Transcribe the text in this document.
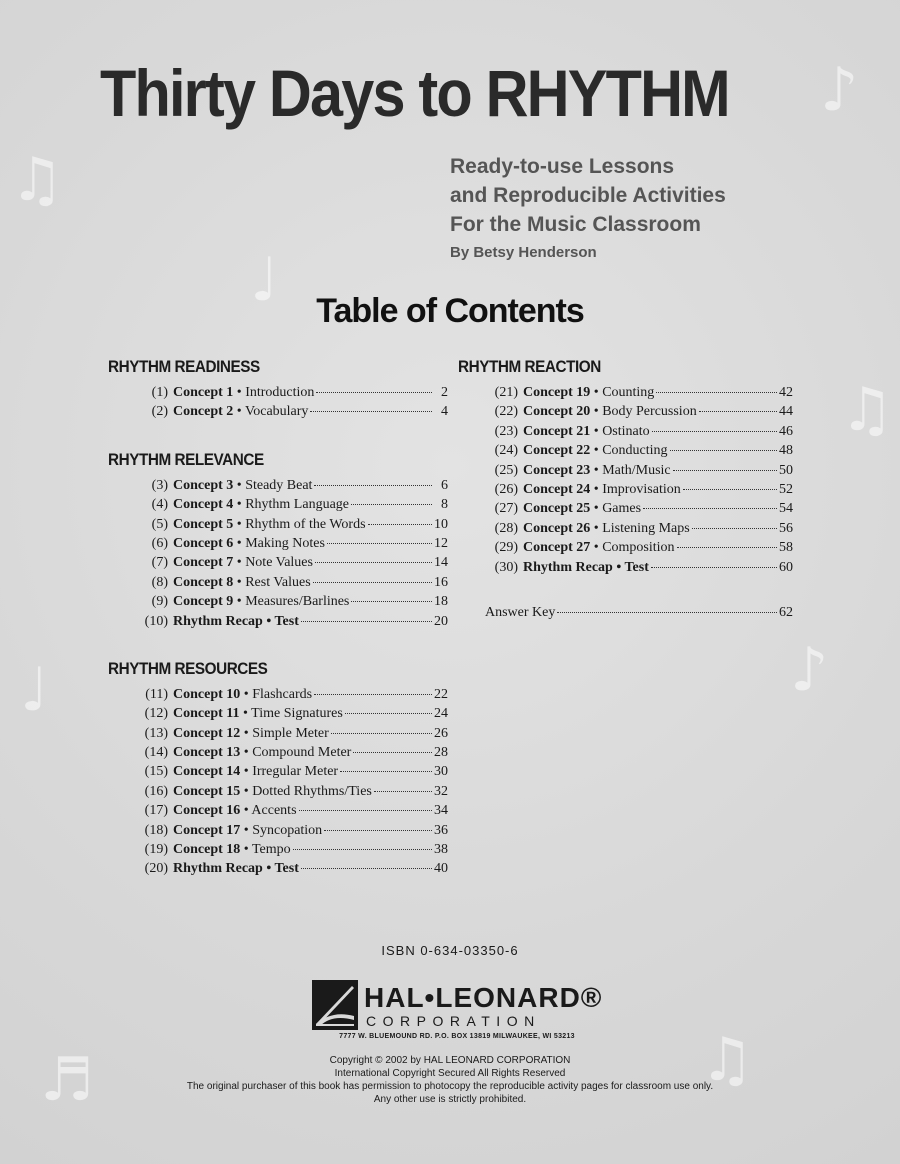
♫
♪
♫
♩	♪
♫
♬
♩
Thirty Days to RHYTHM
Ready-to-use Lessons
and Reproducible Activities
For the Music Classroom
By Betsy Henderson
Table of Contents
RHYTHM READINESS
(1) Concept 1 • Introduction	2
(2) Concept 2 • Vocabulary	4
RHYTHM RELEVANCE
(3) Concept 3 • Steady Beat	6
(4) Concept 4 • Rhythm Language	8
(5) Concept 5 • Rhythm of the Words	10
(6) Concept 6 • Making Notes	12
(7) Concept 7 • Note Values	14
(8) Concept 8 • Rest Values	16
(9) Concept 9 • Measures/Barlines	18
(10) Rhythm Recap • Test	20
RHYTHM RESOURCES
(11) Concept 10 • Flashcards	22
(12) Concept 11 • Time Signatures	24
(13) Concept 12 • Simple Meter	26
(14) Concept 13 • Compound Meter	28
(15) Concept 14 • Irregular Meter	30
(16) Concept 15 • Dotted Rhythms/Ties	32
(17) Concept 16 • Accents	34
(18) Concept 17 • Syncopation	36
(19) Concept 18 • Tempo	38
(20) Rhythm Recap • Test	40
RHYTHM REACTION
(21) Concept 19 • Counting	42
(22) Concept 20 • Body Percussion	44
(23) Concept 21 • Ostinato	46
(24) Concept 22 • Conducting	48
(25) Concept 23 • Math/Music	50
(26) Concept 24 • Improvisation	52
(27) Concept 25 • Games	54
(28) Concept 26 • Listening Maps	56
(29) Concept 27 • Composition	58
(30) Rhythm Recap • Test	60
Answer Key	62
ISBN 0-634-03350-6
HAL•LEONARD®
CORPORATION
7777 W. BLUEMOUND RD. P.O. BOX 13819 MILWAUKEE, WI 53213
Copyright © 2002 by HAL LEONARD CORPORATION
International Copyright Secured All Rights Reserved
The original purchaser of this book has permission to photocopy the reproducible activity pages for classroom use only.
Any other use is strictly prohibited.
